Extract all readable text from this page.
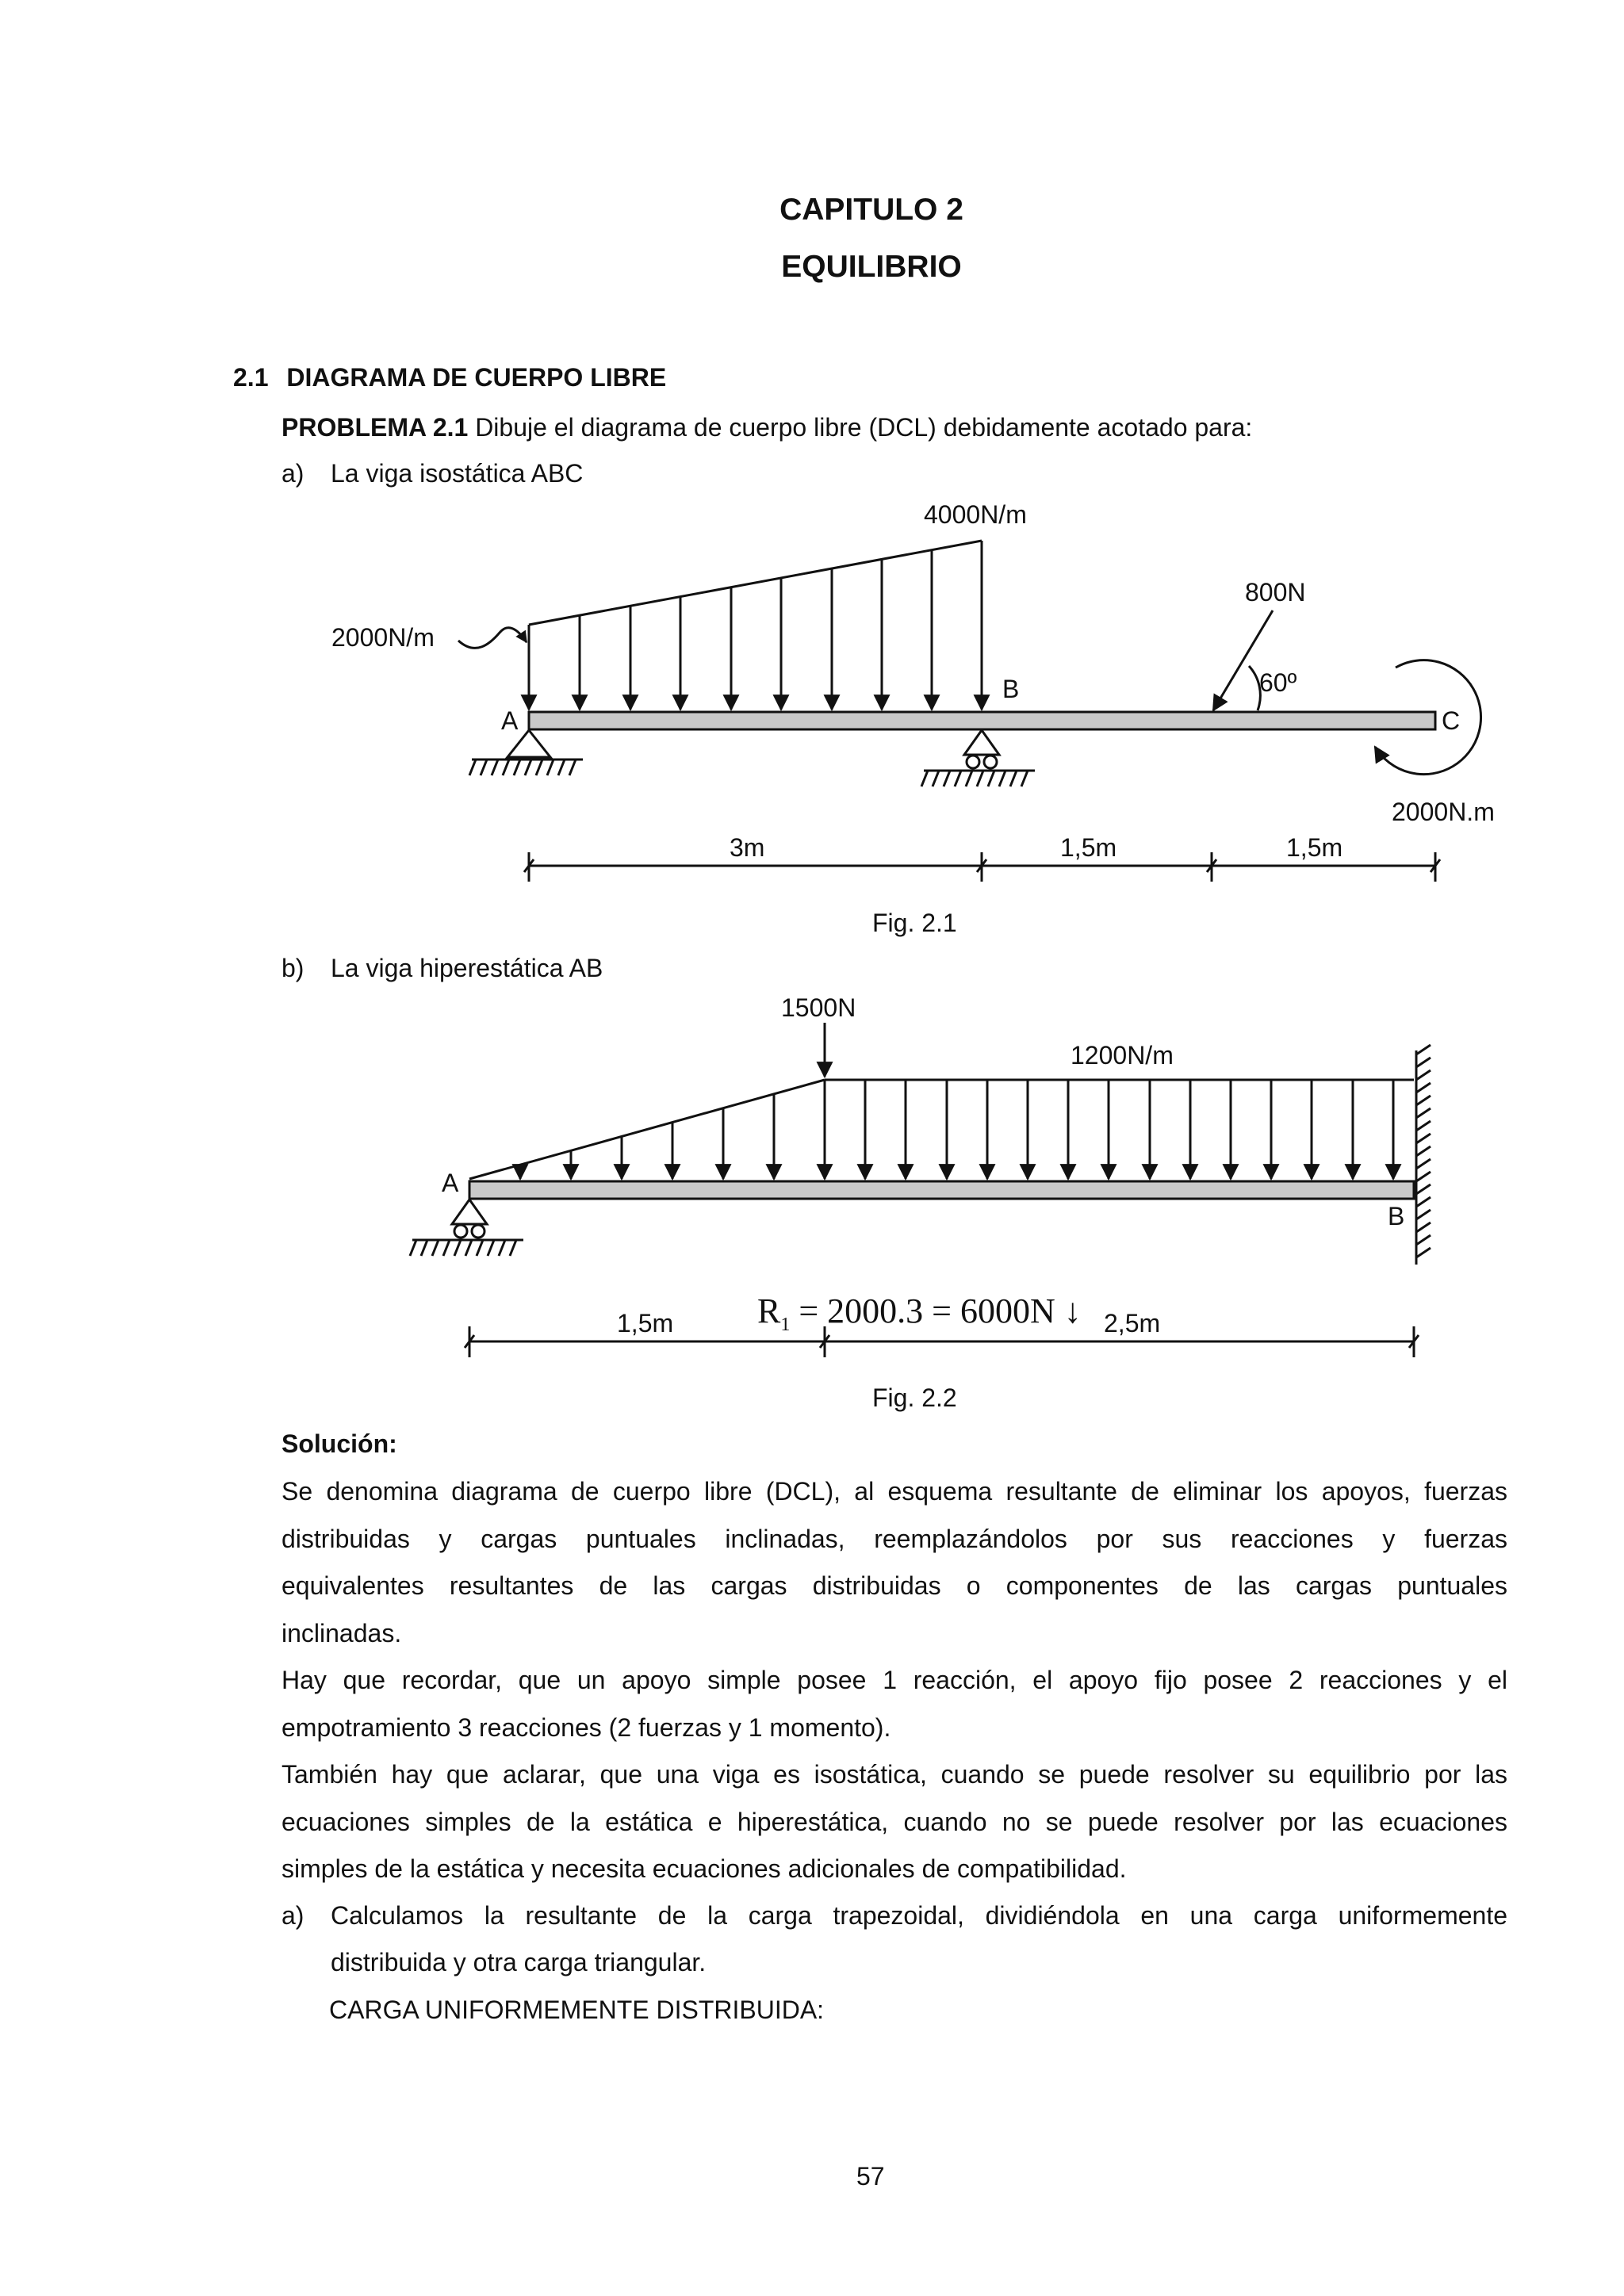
CAPITULO 2
EQUILIBRIO
2.1 DIAGRAMA DE CUERPO LIBRE
PROBLEMA 2.1 Dibuje el diagrama de cuerpo libre (DCL) debidamente acotado para:
a) La viga isostática ABC
4000N/m
2000N/m
800N
60º
A
B
C
2000N.m
3m	1,5m	1,5m
Fig. 2.1
b) La viga hiperestática AB
1500N
1200N/m
A
B
1,5m	2,5m
Fig. 2.2
Solución:
Se denomina diagrama de cuerpo libre (DCL), al esquema resultante de eliminar los apoyos, fuerzas
distribuidas y cargas puntuales inclinadas, reemplazándolos por sus reacciones y fuerzas
equivalentes resultantes de las cargas distribuidas o componentes de las cargas puntuales
inclinadas.
Hay que recordar, que un apoyo simple posee 1 reacción, el apoyo fijo posee 2 reacciones y el
empotramiento 3 reacciones (2 fuerzas y 1 momento).
También hay que aclarar, que una viga es isostática, cuando se puede resolver su equilibrio por las
ecuaciones simples de la estática e hiperestática, cuando no se puede resolver por las ecuaciones
simples de la estática y necesita ecuaciones adicionales de compatibilidad.
a) Calculamos la resultante de la carga trapezoidal, dividiéndola en una carga uniformemente
distribuida y otra carga triangular.
CARGA UNIFORMEMENTE DISTRIBUIDA:
$R_1 = 2000.3 = 6000N$ ↓
57
